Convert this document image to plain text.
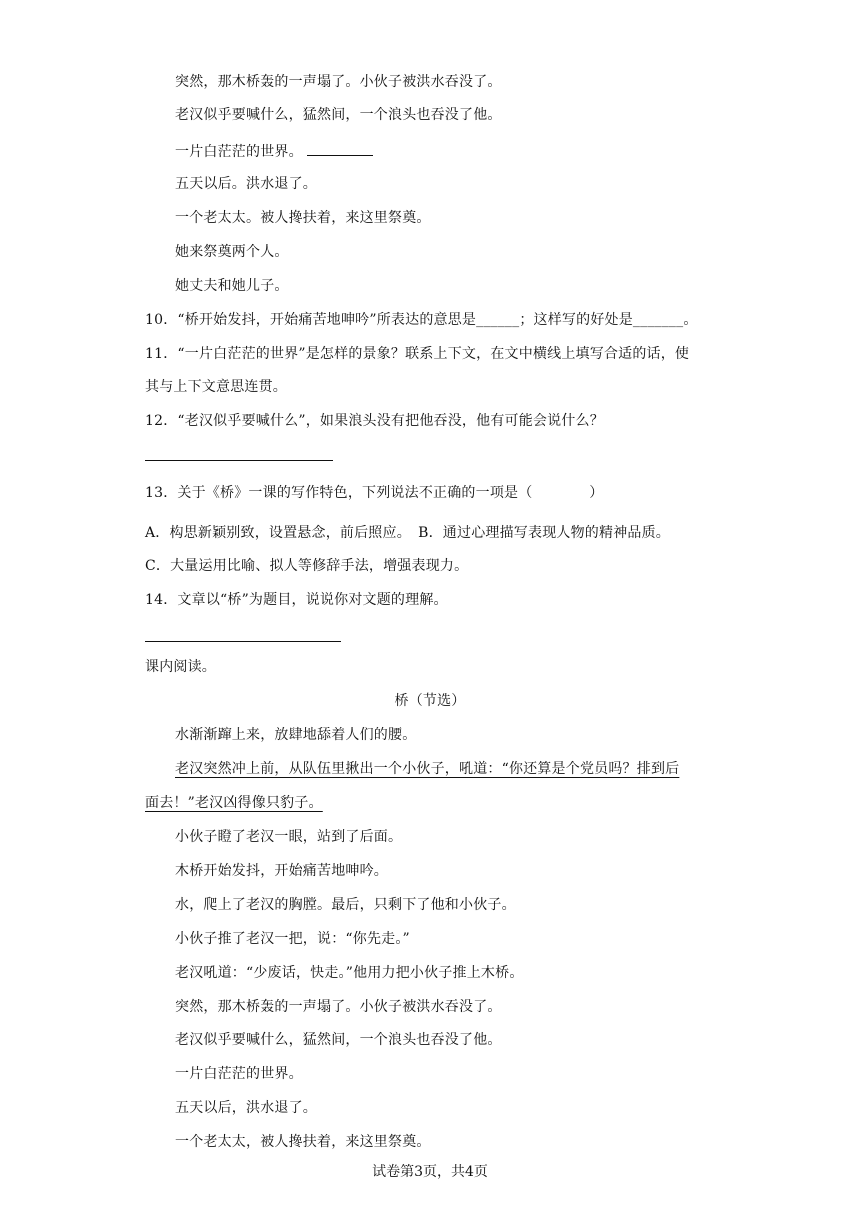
突然，那木桥轰的一声塌了。小伙子被洪水吞没了。
老汉似乎要喊什么，猛然间，一个浪头也吞没了他。
一片白茫茫的世界。
五天以后。洪水退了。
一个老太太。被人搀扶着，来这里祭奠。
她来祭奠两个人。
她丈夫和她儿子。
10．“桥开始发抖，开始痛苦地呻吟”所表达的意思是______；这样写的好处是_______。
11．“一片白茫茫的世界”是怎样的景象？联系上下文，在文中横线上填写合适的话，使
其与上下文意思连贯。
12．“老汉似乎要喊什么”，如果浪头没有把他吞没，他有可能会说什么？
13．关于《桥》一课的写作特色，下列说法不正确的一项是（　　　　）
A．构思新颖别致，设置悬念，前后照应。　B．通过心理描写表现人物的精神品质。
C．大量运用比喻、拟人等修辞手法，增强表现力。
14．文章以“桥”为题目，说说你对文题的理解。
课内阅读。
桥（节选）
水渐渐蹿上来，放肆地舔着人们的腰。
老汉突然冲上前，从队伍里揪出一个小伙子，吼道：“你还算是个党员吗？排到后
面去！”老汉凶得像只豹子。
小伙子瞪了老汉一眼，站到了后面。
木桥开始发抖，开始痛苦地呻吟。
水，爬上了老汉的胸膛。最后，只剩下了他和小伙子。
小伙子推了老汉一把，说：“你先走。”
老汉吼道：“少废话，快走。”他用力把小伙子推上木桥。
突然，那木桥轰的一声塌了。小伙子被洪水吞没了。
老汉似乎要喊什么，猛然间，一个浪头也吞没了他。
一片白茫茫的世界。
五天以后，洪水退了。
一个老太太，被人搀扶着，来这里祭奠。
试卷第3页，共4页
